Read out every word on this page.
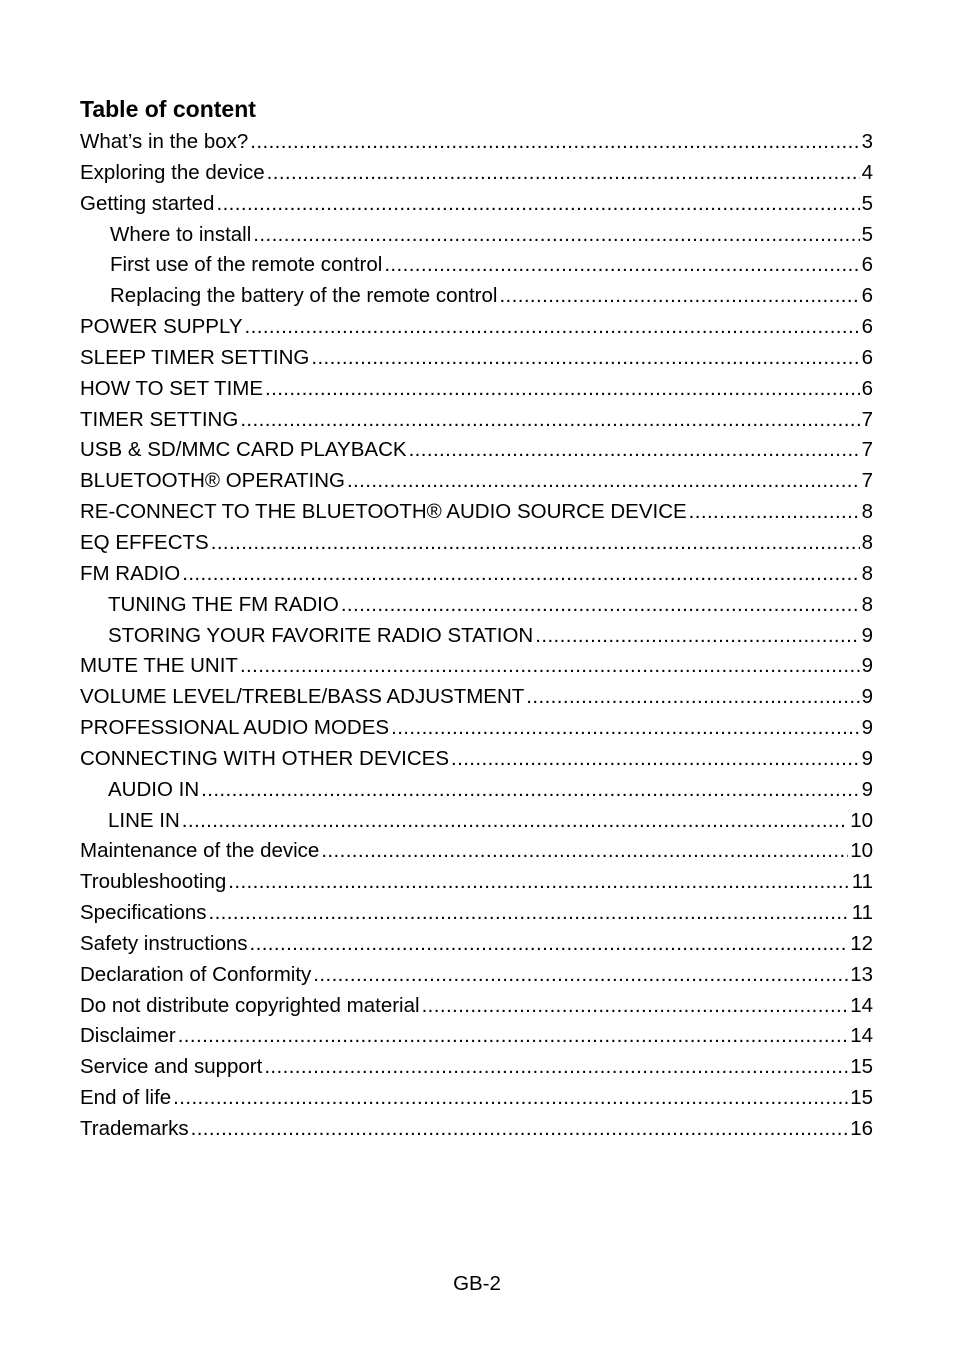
Table of content
What’s in the box? .....	3
Exploring the device .....	4
Getting started .....	5
Where to install .....	5
First use of the remote control .....	6
Replacing the battery of the remote control .....	6
POWER SUPPLY .....	6
SLEEP TIMER SETTING .....	6
HOW TO SET TIME .....	6
TIMER SETTING .....	7
USB & SD/MMC CARD PLAYBACK .....	7
BLUETOOTH® OPERATING .....	7
RE-CONNECT TO THE BLUETOOTH® AUDIO SOURCE DEVICE .....	8
EQ EFFECTS .....	8
FM RADIO .....	8
TUNING THE FM RADIO .....	8
STORING YOUR FAVORITE RADIO STATION .....	9
MUTE THE UNIT .....	9
VOLUME LEVEL/TREBLE/BASS ADJUSTMENT .....	9
PROFESSIONAL AUDIO MODES .....	9
CONNECTING WITH OTHER DEVICES .....	9
AUDIO IN .....	9
LINE IN .....	10
Maintenance of the device .....	10
Troubleshooting .....	11
Specifications .....	11
Safety instructions .....	12
Declaration of Conformity .....	13
Do not distribute copyrighted material .....	14
Disclaimer .....	14
Service and support .....	15
End of life .....	15
Trademarks .....	16
GB-2
